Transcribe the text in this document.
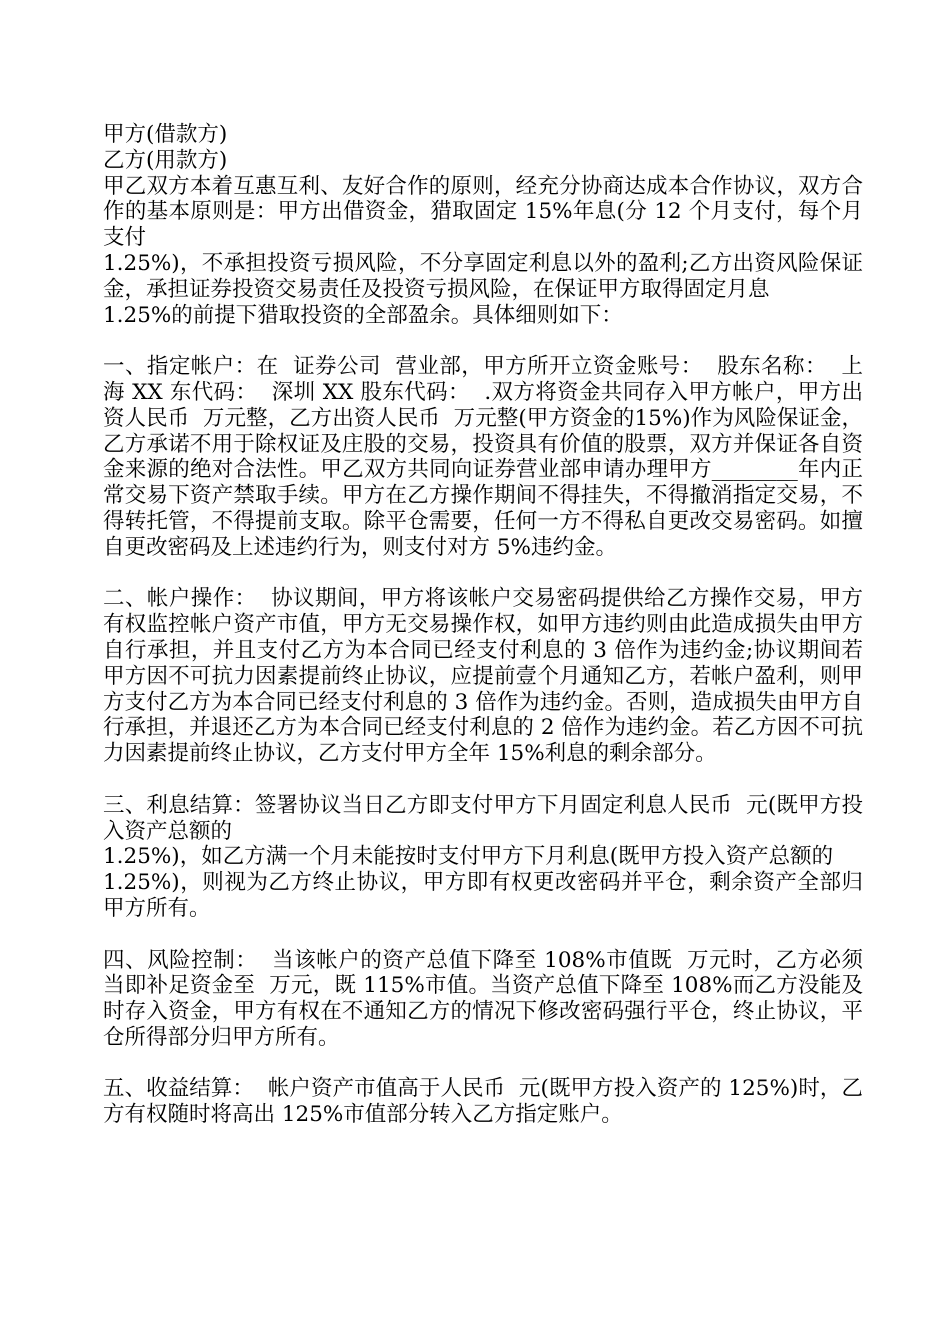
甲方(借款方)

乙方(用款方)

甲乙双方本着互惠互利、友好合作的原则，经充分协商达成本合作协议，双方合作的基本原则是：甲方出借资金，猎取固定 15%年息(分 12 个月支付，每个月支付

1.25%)，不承担投资亏损风险，不分享固定利息以外的盈利;乙方出资风险保证金，承担证券投资交易责任及投资亏损风险，在保证甲方取得固定月息

1.25%的前提下猎取投资的全部盈余。具体细则如下：

一、指定帐户：在  证券公司  营业部，甲方所开立资金账号：  股东名称：  上海 XX 东代码：  深圳 XX 股东代码：  .双方将资金共同存入甲方帐户，甲方出资人民币  万元整，乙方出资人民币  万元整(甲方资金的15%)作为风险保证金，  乙方承诺不用于除权证及庄股的交易，投资具有价值的股票，双方并保证各自资金来源的绝对合法性。甲乙双方共同向证券营业部申请办理甲方________年内正常交易下资产禁取手续。甲方在乙方操作期间不得挂失，不得撤消指定交易，不得转托管，不得提前支取。除平仓需要，任何一方不得私自更改交易密码。如擅自更改密码及上述违约行为，则支付对方 5%违约金。

二、帐户操作：  协议期间，甲方将该帐户交易密码提供给乙方操作交易，甲方有权监控帐户资产市值，甲方无交易操作权，如甲方违约则由此造成损失由甲方自行承担，并且支付乙方为本合同已经支付利息的 3 倍作为违约金;协议期间若甲方因不可抗力因素提前终止协议，应提前壹个月通知乙方，若帐户盈利，则甲方支付乙方为本合同已经支付利息的 3 倍作为违约金。否则，造成损失由甲方自行承担，并退还乙方为本合同已经支付利息的 2 倍作为违约金。若乙方因不可抗力因素提前终止协议，乙方支付甲方全年 15%利息的剩余部分。

三、利息结算：签署协议当日乙方即支付甲方下月固定利息人民币  元(既甲方投入资产总额的

1.25%)，如乙方满一个月未能按时支付甲方下月利息(既甲方投入资产总额的

1.25%)，则视为乙方终止协议，甲方即有权更改密码并平仓，剩余资产全部归甲方所有。

四、风险控制：  当该帐户的资产总值下降至 108%市值既  万元时，乙方必须当即补足资金至  万元，既 115%市值。当资产总值下降至 108%而乙方没能及时存入资金，甲方有权在不通知乙方的情况下修改密码强行平仓，终止协议，平仓所得部分归甲方所有。

五、收益结算：  帐户资产市值高于人民币  元(既甲方投入资产的 125%)时，乙方有权随时将高出 125%市值部分转入乙方指定账户。
